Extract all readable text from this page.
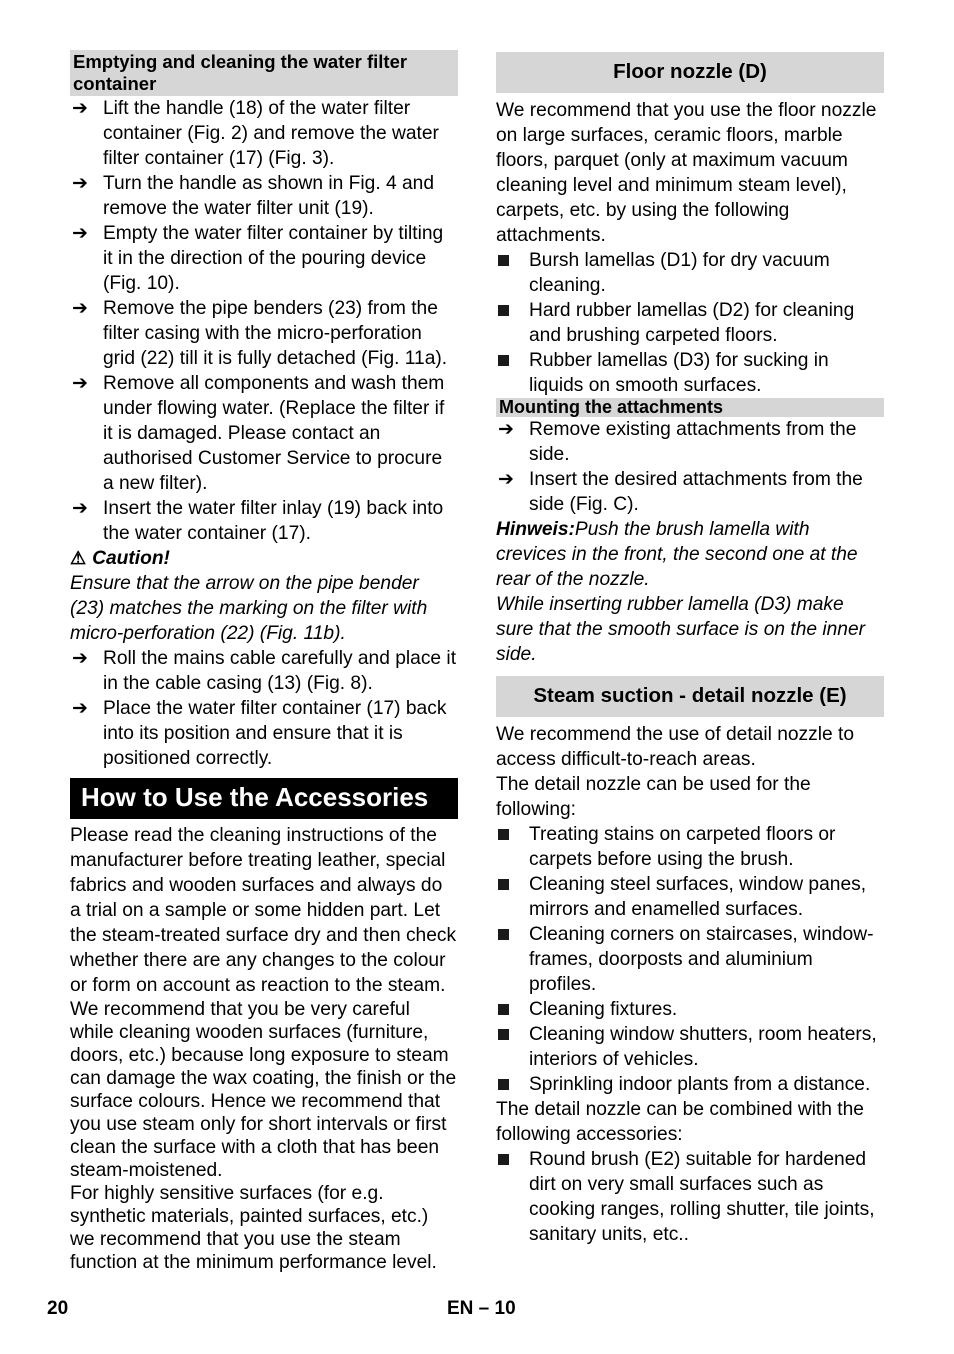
Emptying and cleaning the water filter container
➔ Lift the handle (18) of the water filter container (Fig. 2) and remove the water filter container (17) (Fig. 3).
➔ Turn the handle as shown in Fig. 4 and remove the water filter unit (19).
➔ Empty the water filter container by tilting it in the direction of the pouring device (Fig. 10).
➔ Remove the pipe benders (23) from the filter casing with the micro-perforation grid (22) till it is fully detached (Fig. 11a).
➔ Remove all components and wash them under flowing water. (Replace the filter if it is damaged. Please contact an authorised Customer Service to procure a new filter).
➔ Insert the water filter inlay (19) back into the water container (17).
⚠ Caution!

Ensure that the arrow on the pipe bender (23) matches the marking on the filter with micro-perforation (22) (Fig. 11b).

➔ Roll the mains cable carefully and place it in the cable casing (13) (Fig. 8).
➔ Place the water filter container (17) back into its position and ensure that it is positioned correctly.
How to Use the Accessories

Please read the cleaning instructions of the manufacturer before treating leather, special fabrics and wooden surfaces and always do a trial on a sample or some hidden part. Let the steam-treated surface dry and then check whether there are any changes to the colour or form on account as reaction to the steam.

We recommend that you be very careful while cleaning wooden surfaces (furniture, doors, etc.) because long exposure to steam can damage the wax coating, the finish or the surface colours. Hence we recommend that you use steam only for short intervals or first clean the surface with a cloth that has been steam-moistened.

For highly sensitive surfaces (for e.g. synthetic materials, painted surfaces, etc.) we recommend that you use the steam function at the minimum performance level.

Floor nozzle (D)

We recommend that you use the floor nozzle on large surfaces, ceramic floors, marble floors, parquet (only at maximum vacuum cleaning level and minimum steam level), carpets, etc. by using the following attachments.

Bursh lamellas (D1) for dry vacuum cleaning.
Hard rubber lamellas (D2) for cleaning and brushing carpeted floors.
Rubber lamellas (D3) for sucking in liquids on smooth surfaces.
Mounting the attachments
➔ Remove existing attachments from the side.
➔ Insert the desired attachments from the side (Fig. C).

Hinweis:Push the brush lamella with crevices in the front, the second one at the rear of the nozzle.

While inserting rubber lamella (D3) make sure that the smooth surface is on the inner side.

Steam suction - detail nozzle (E)

We recommend the use of detail nozzle to access difficult-to-reach areas.

The detail nozzle can be used for the following:

Treating stains on carpeted floors or carpets before using the brush.
Cleaning steel surfaces, window panes, mirrors and enamelled surfaces.
Cleaning corners on staircases, window-frames, doorposts and aluminium profiles.
Cleaning fixtures.
Cleaning window shutters, room heaters, interiors of vehicles.
Sprinkling indoor plants from a distance.

The detail nozzle can be combined with the following accessories:

Round brush (E2) suitable for hardened dirt on very small surfaces such as cooking ranges, rolling shutter, tile joints, sanitary units, etc..
20	EN – 10
